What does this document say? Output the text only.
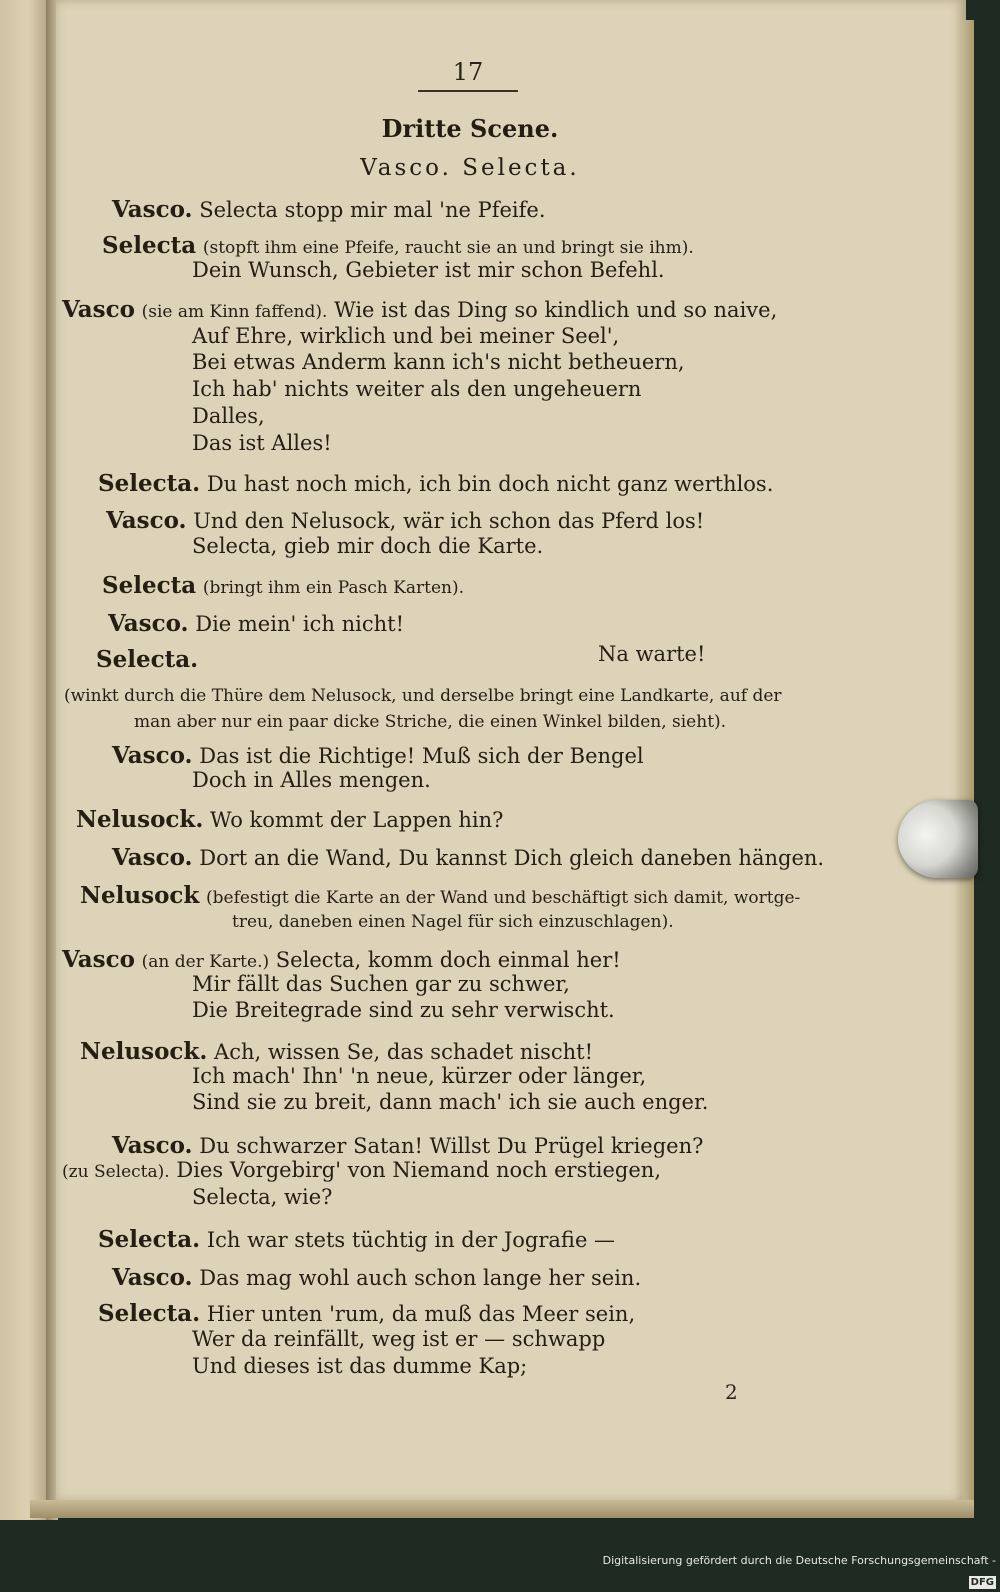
17
Dritte Scene.
Vasco. Selecta.
Vasco. Selecta stopp mir mal 'ne Pfeife.
Selecta (stopft ihm eine Pfeife, raucht sie an und bringt sie ihm).
Dein Wunsch, Gebieter ist mir schon Befehl.
Vasco (sie am Kinn faffend). Wie ist das Ding so kindlich und so naive,
Auf Ehre, wirklich und bei meiner Seel',
Bei etwas Anderm kann ich's nicht betheuern,
Ich hab' nichts weiter als den ungeheuern
Dalles,
Das ist Alles!
Selecta. Du hast noch mich, ich bin doch nicht ganz werthlos.
Vasco. Und den Nelusock, wär ich schon das Pferd los!
Selecta, gieb mir doch die Karte.
Selecta (bringt ihm ein Pasch Karten).
Vasco. Die mein' ich nicht!
Selecta.	Na warte!
(winkt durch die Thüre dem Nelusock, und derselbe bringt eine Landkarte, auf der
man aber nur ein paar dicke Striche, die einen Winkel bilden, sieht).
Vasco. Das ist die Richtige! Muß sich der Bengel
Doch in Alles mengen.
Nelusock. Wo kommt der Lappen hin?
Vasco. Dort an die Wand, Du kannst Dich gleich daneben hängen.
Nelusock (befestigt die Karte an der Wand und beschäftigt sich damit, wortge-
treu, daneben einen Nagel für sich einzuschlagen).
Vasco (an der Karte.) Selecta, komm doch einmal her!
Mir fällt das Suchen gar zu schwer,
Die Breitegrade sind zu sehr verwischt.
Nelusock. Ach, wissen Se, das schadet nischt!
Ich mach' Ihn' 'n neue, kürzer oder länger,
Sind sie zu breit, dann mach' ich sie auch enger.
Vasco. Du schwarzer Satan! Willst Du Prügel kriegen?
(zu Selecta). Dies Vorgebirg' von Niemand noch erstiegen,
Selecta, wie?
Selecta. Ich war stets tüchtig in der Jografie —
Vasco. Das mag wohl auch schon lange her sein.
Selecta. Hier unten 'rum, da muß das Meer sein,
Wer da reinfällt, weg ist er — schwapp
Und dieses ist das dumme Kap;
2
Digitalisierung gefördert durch die Deutsche Forschungsgemeinschaft -DFG
